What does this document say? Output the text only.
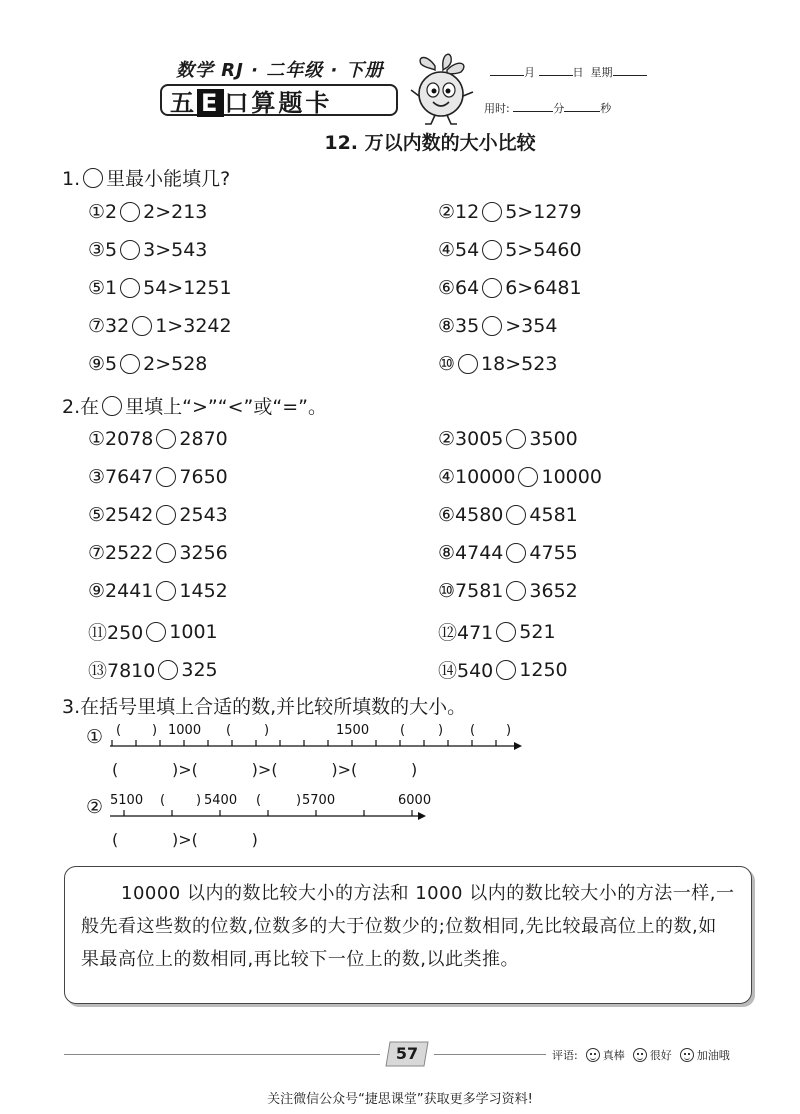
数学 RJ · 二年级 · 下册
五 E 口算题卡
月	日 星期
用时:	分	秒
12. 万以内数的大小比较
1. 里最小能填几?
①2 2>213	②12 5>1279
③5 3>543	④54 5>5460
⑤1 54>1251	⑥64 6>6481
⑦32 1>3242	⑧35 >354
⑨5 2>528	⑩ 18>523
2.在 里填上“>”“<”或“=”。
①2078 2870	②3005 3500
③7647 7650	④10000 10000
⑤2542 2543	⑥4580 4581
⑦2522 3256	⑧4744 4755
⑨2441 1452	⑩7581 3652
⑪250 1001	⑫471 521
⑬7810 325	⑭540 1250
3.在括号里填上合适的数,并比较所填数的大小。
① ( ) 1000 (	)	1500 (	) ( )
(	) > (	) > (	) > (	)
② 5100 ( ) 5400 (	) 5700	6000
(	) > (	)
10000 以内的数比较大小的方法和 1000 以内的数比较大小的方法一样,一般先看这些数的位数,位数多的大于位数少的;位数相同,先比较最高位上的数,如果最高位上的数相同,再比较下一位上的数,以此类推。
57	评语: 真棒 很好 加油哦
关注微信公众号“捷思课堂”获取更多学习资料!
